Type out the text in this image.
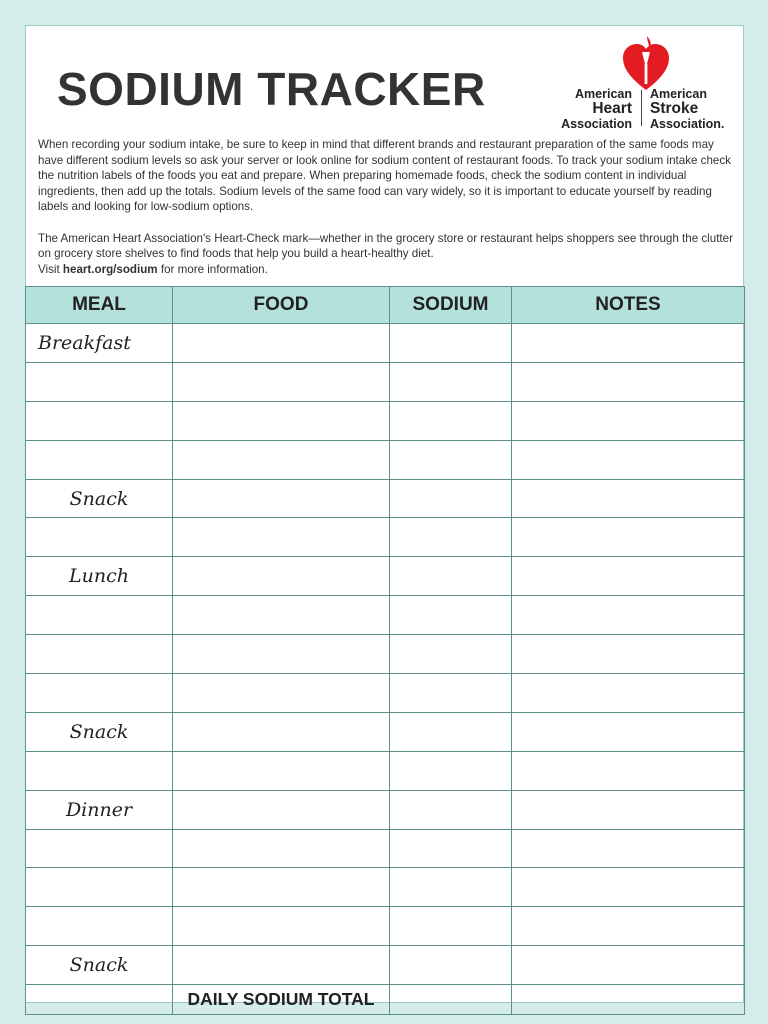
SODIUM TRACKER	American
Heart
Association
American
Stroke
Association.

When recording your sodium intake, be sure to keep in mind that different brands and restaurant preparation of the same foods may have different sodium levels so ask your server or look online for sodium content of restaurant foods. To track your sodium intake check the nutrition labels of the foods you eat and prepare. When preparing homemade foods, check the sodium content in individual ingredients, then add up the totals. Sodium levels of the same food can vary widely, so it is important to educate yourself by reading labels and looking for low-sodium options.

The American Heart Association's Heart-Check mark—whether in the grocery store or restaurant helps shoppers see through the clutter on grocery store shelves to find foods that help you build a heart-healthy diet.
Visit heart.org/sodium for more information.

MEAL	FOOD	SODIUM	NOTES
Breakfast			

Snack			

Lunch			

Snack			

Dinner			

Snack			
	DAILY SODIUM TOTAL		
